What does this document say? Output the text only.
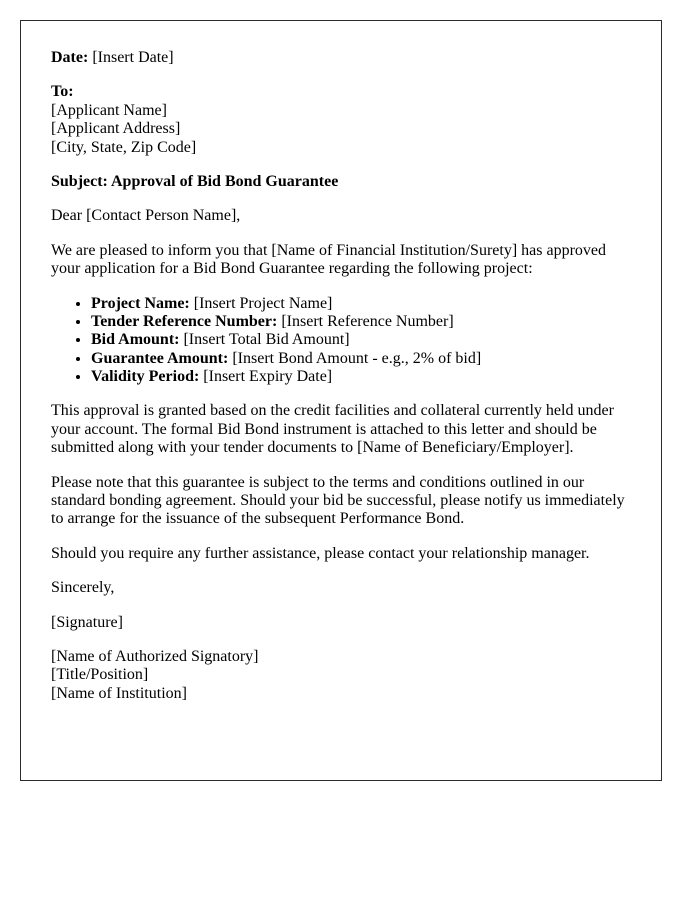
Date: [Insert Date]

To:
[Applicant Name]
[Applicant Address]
[City, State, Zip Code]

Subject: Approval of Bid Bond Guarantee

Dear [Contact Person Name],

We are pleased to inform you that [Name of Financial Institution/Surety] has approved your application for a Bid Bond Guarantee regarding the following project:

• Project Name: [Insert Project Name]
• Tender Reference Number: [Insert Reference Number]
• Bid Amount: [Insert Total Bid Amount]
• Guarantee Amount: [Insert Bond Amount - e.g., 2% of bid]
• Validity Period: [Insert Expiry Date]

This approval is granted based on the credit facilities and collateral currently held under your account. The formal Bid Bond instrument is attached to this letter and should be submitted along with your tender documents to [Name of Beneficiary/Employer].

Please note that this guarantee is subject to the terms and conditions outlined in our standard bonding agreement. Should your bid be successful, please notify us immediately to arrange for the issuance of the subsequent Performance Bond.

Should you require any further assistance, please contact your relationship manager.

Sincerely,

[Signature]

[Name of Authorized Signatory]
[Title/Position]
[Name of Institution]
